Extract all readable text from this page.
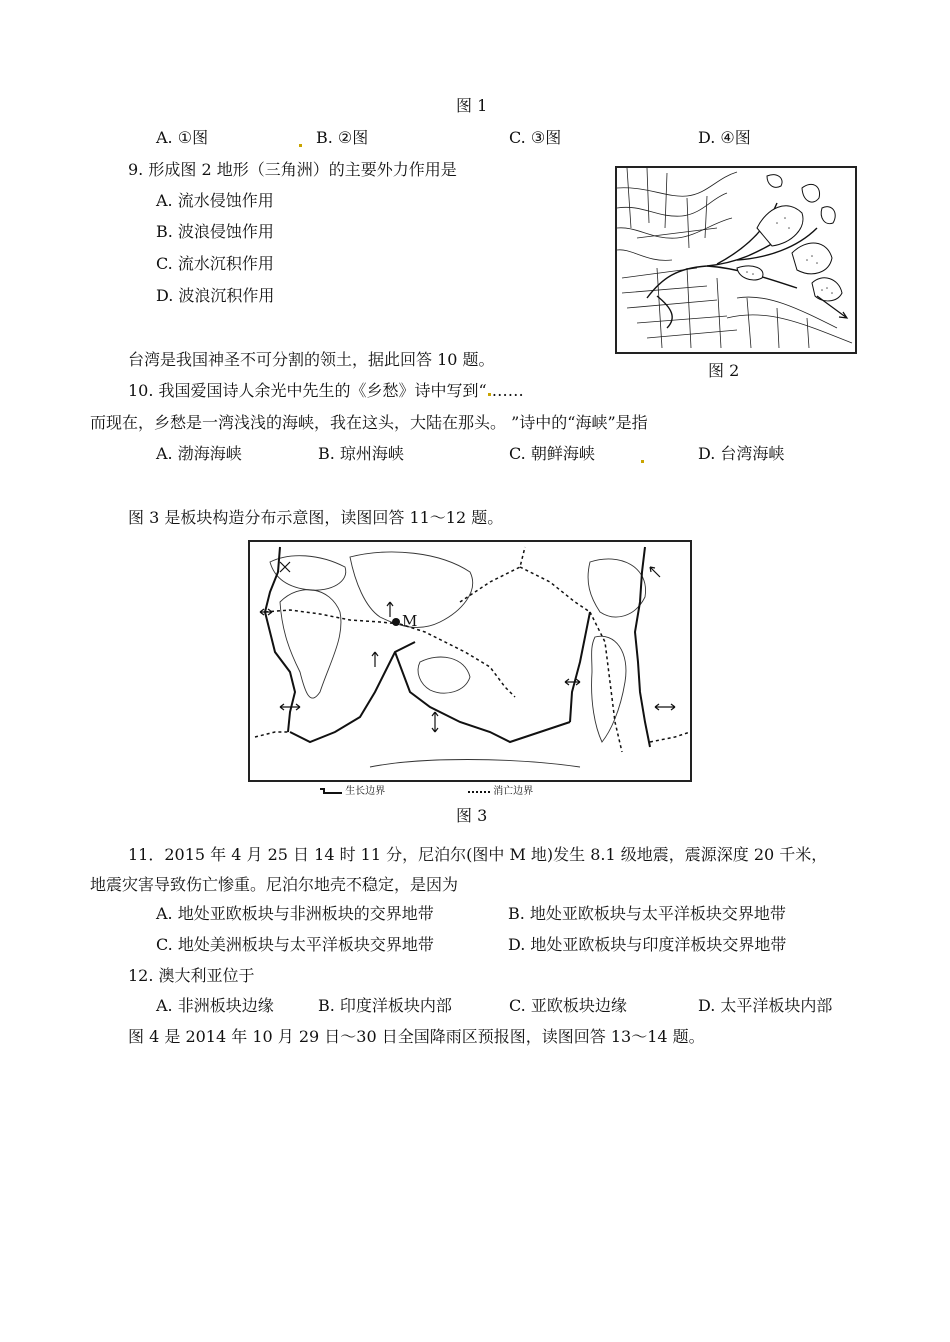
图 1
A. ①图	B. ②图	C. ③图	D. ④图
9. 形成图 2 地形（三角洲）的主要外力作用是
A. 流水侵蚀作用
B. 波浪侵蚀作用
C. 流水沉积作用
D. 波浪沉积作用
图 2
台湾是我国神圣不可分割的领土，据此回答 10 题。
10. 我国爱国诗人余光中先生的《乡愁》诗中写到“ ……
而现在，乡愁是一湾浅浅的海峡，我在这头，大陆在那头。 ”诗中的“海峡”是指
A. 渤海海峡	B. 琼州海峡	C. 朝鲜海峡	D. 台湾海峡
图 3 是板块构造分布示意图，读图回答 11～12 题。
M
生长边界	消亡边界
图 3
11．2015 年 4 月 25 日 14 时 11 分，尼泊尔(图中 M 地)发生 8.1 级地震，震源深度 20 千米，
地震灾害导致伤亡惨重。尼泊尔地壳不稳定，是因为
A. 地处亚欧板块与非洲板块的交界地带	B. 地处亚欧板块与太平洋板块交界地带
C. 地处美洲板块与太平洋板块交界地带	D. 地处亚欧板块与印度洋板块交界地带
12. 澳大利亚位于
A. 非洲板块边缘	B. 印度洋板块内部	C. 亚欧板块边缘	D. 太平洋板块内部
图 4 是 2014 年 10 月 29 日～30 日全国降雨区预报图，读图回答 13～14 题。
